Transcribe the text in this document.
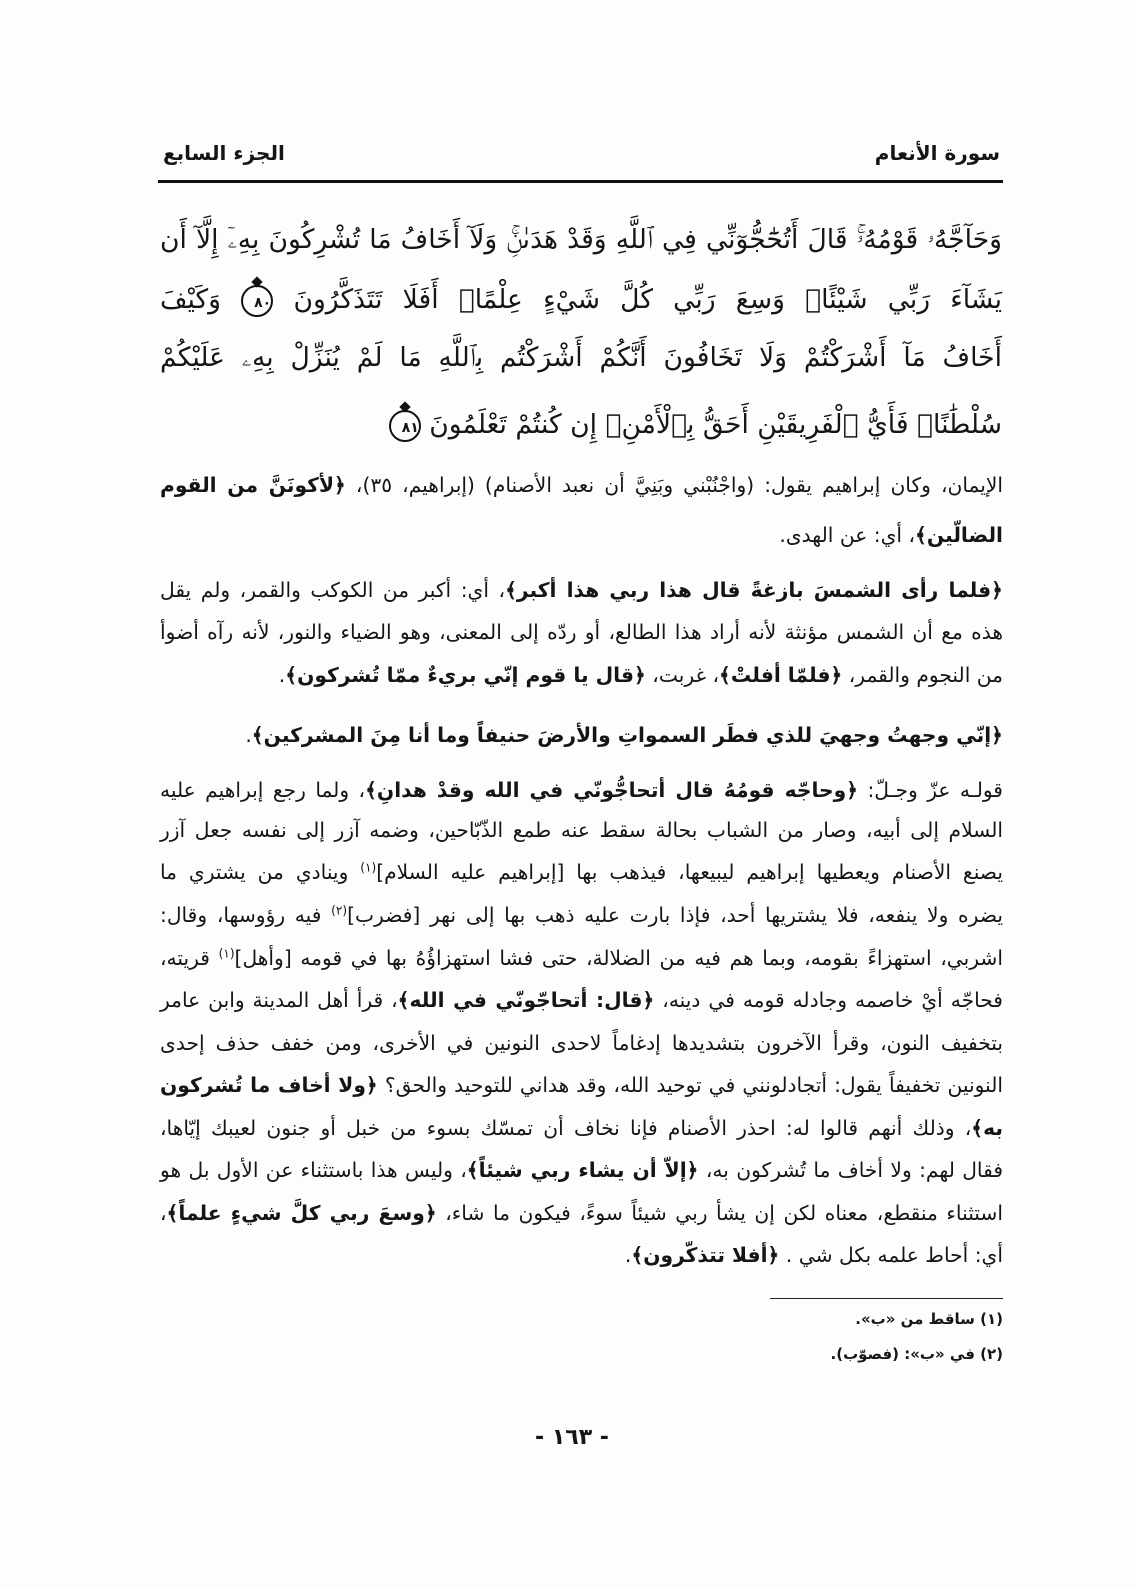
سورة الأنعام
الجزء السابع
وَحَآجَّهُۥ قَوْمُهُۥۚ قَالَ أَتُحَٰٓجُّوٓنِّي فِي ٱللَّهِ وَقَدْ هَدَىٰنِۚ وَلَآ أَخَافُ مَا تُشْرِكُونَ بِهِۦٓ إِلَّآ أَن
يَشَآءَ رَبِّي شَيْئًاۗ وَسِعَ رَبِّي كُلَّ شَيْءٍ عِلْمًاۚ أَفَلَا تَتَذَكَّرُونَ ٨٠ وَكَيْفَ
أَخَافُ مَآ أَشْرَكْتُمْ وَلَا تَخَافُونَ أَنَّكُمْ أَشْرَكْتُم بِٱللَّهِ مَا لَمْ يُنَزِّلْ بِهِۦ عَلَيْكُمْ
سُلْطَٰنًاۚ فَأَيُّ ٱلْفَرِيقَيْنِ أَحَقُّ بِٱلْأَمْنِۖ إِن كُنتُمْ تَعْلَمُونَ ٨١
الإيمان، وكان إبراهيم يقول: (واجْنُبْني وبَنِيَّ أن نعبد الأصنام) (إبراهيم، ٣٥)، ﴿لأكونَنَّ من القوم
الضالّين﴾، أي: عن الهدى.
﴿فلما رأى الشمسَ بازغةً قال هذا ربي هذا أكبر﴾، أي: أكبر من الكوكب والقمر، ولم يقل
هذه مع أن الشمس مؤنثة لأنه أراد هذا الطالع، أو ردّه إلى المعنى، وهو الضياء والنور، لأنه رآه أضوأ
من النجوم والقمر، ﴿فلمّا أفلتْ﴾، غربت، ﴿قال يا قوم إنّي بريءٌ ممّا تُشركون﴾.
﴿إنّي وجهتُ وجهيَ للذي فطَر السمواتِ والأرضَ حنيفاً وما أنا مِنَ المشركين﴾.
قولـه عزّ وجـلّ: ﴿وحاجّه قومُهُ قال أتحاجُّونّي في الله وقدْ هدانِ﴾، ولما رجع إبراهيم عليه
السلام إلى أبيه، وصار من الشباب بحالة سقط عنه طمع الذّبّاحين، وضمه آزر إلى نفسه جعل آزر
يصنع الأصنام ويعطيها إبراهيم ليبيعها، فيذهب بها [إبراهيم عليه السلام]$^{(١)}$ وينادي من يشتري ما
يضره ولا ينفعه، فلا يشتريها أحد، فإذا بارت عليه ذهب بها إلى نهر [فضرب]$^{(٢)}$ فيه رؤوسها، وقال:
اشربي، استهزاءً بقومه، وبما هم فيه من الضلالة، حتى فشا استهزاؤُهُ بها في قومه [وأهل]$^{(١)}$ قريته،
فحاجّه أيْ خاصمه وجادله قومه في دينه، ﴿قال: أتحاجّونّي في الله﴾، قرأ أهل المدينة وابن عامر
بتخفيف النون، وقرأ الآخرون بتشديدها إدغاماً لاحدى النونين في الأخرى، ومن خفف حذف إحدى
النونين تخفيفاً يقول: أتجادلونني في توحيد الله، وقد هداني للتوحيد والحق؟ ﴿ولا أخاف ما تُشركون
به﴾، وذلك أنهم قالوا له: احذر الأصنام فإنا نخاف أن تمسّك بسوء من خبل أو جنون لعيبك إيّاها،
فقال لهم: ولا أخاف ما تُشركون به، ﴿إلاّ أن يشاء ربي شيئاً﴾، وليس هذا باستثناء عن الأول بل هو
استثناء منقطع، معناه لكن إن يشأ ربي شيئاً سوءً، فيكون ما شاء، ﴿وسعَ ربي كلَّ شيءٍ علماً﴾،
أي: أحاط علمه بكل شي . ﴿أفلا تتذكّرون﴾.
(١) ساقط من «ب».
(٢) في «ب»: (فصوّب).
- ١٦٣ -
